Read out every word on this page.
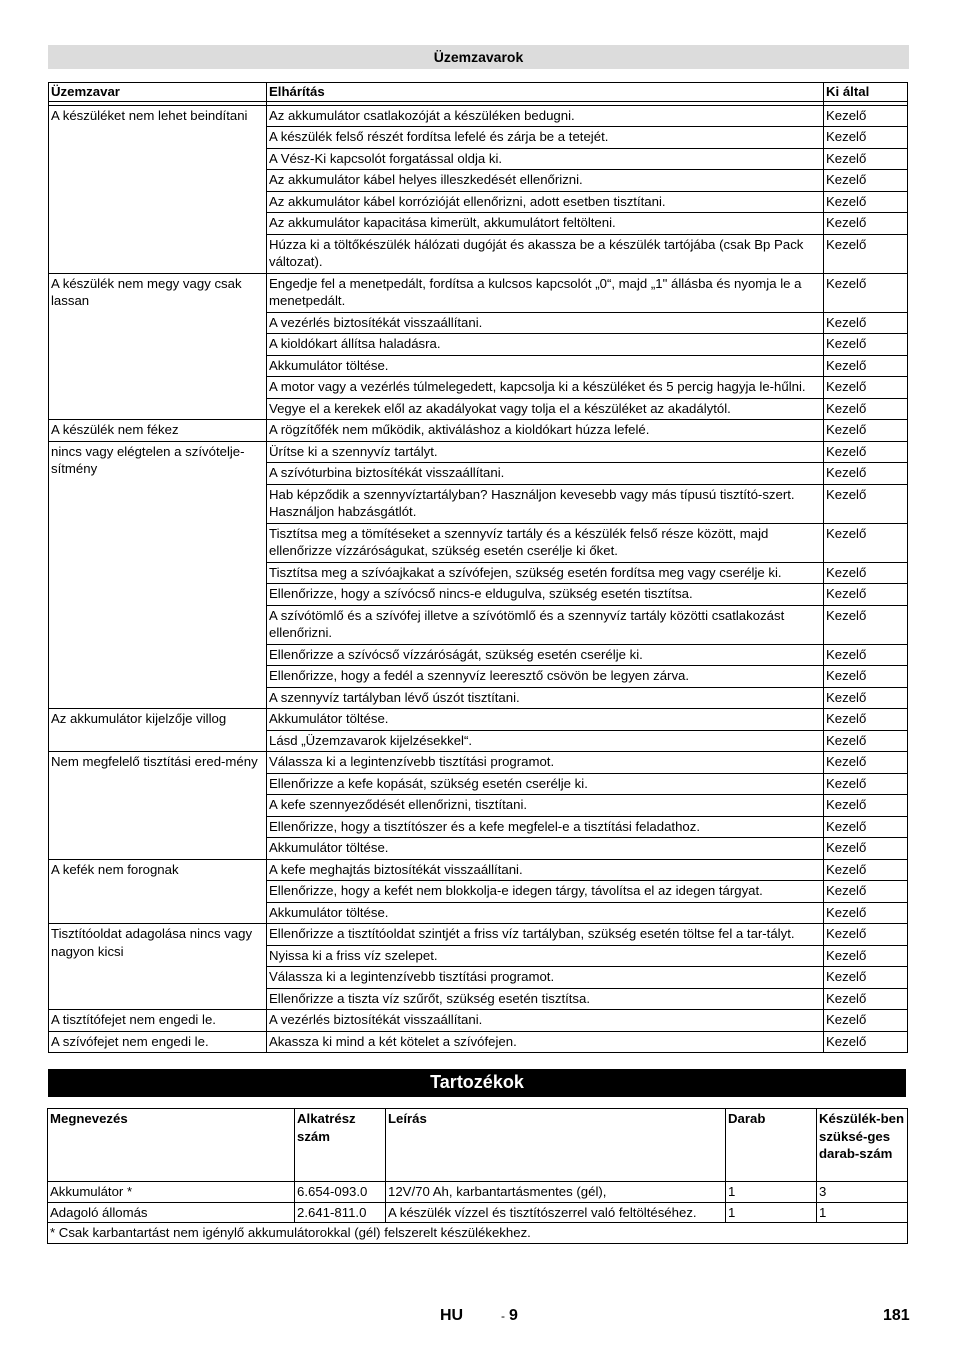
Üzemzavarok
Üzemzavar	Elhárítás	Ki által

A készüléket nem lehet beindítani	Az akkumulátor csatlakozóját a készüléken bedugni.	Kezelő
	A készülék felső részét fordítsa lefelé és zárja be a tetejét.	Kezelő
	A Vész-Ki kapcsolót forgatással oldja ki.	Kezelő
	Az akkumulátor kábel helyes illeszkedését ellenőrizni.	Kezelő
	Az akkumulátor kábel korrózióját ellenőrizni, adott esetben tisztítani.	Kezelő
	Az akkumulátor kapacitása kimerült, akkumulátort feltölteni.	Kezelő
	Húzza ki a töltőkészülék hálózati dugóját és akassza be a készülék tartójába (csak Bp Pack változat).	Kezelő
A készülék nem megy vagy csak lassan	Engedje fel a menetpedált, fordítsa a kulcsos kapcsolót „0“, majd „1" állásba és nyomja le a menetpedált.	Kezelő
	A vezérlés biztosítékát visszaállítani.	Kezelő
	A kioldókart állítsa haladásra.	Kezelő
	Akkumulátor töltése.	Kezelő
	A motor vagy a vezérlés túlmelegedett, kapcsolja ki a készüléket és 5 percig hagyja le-hűlni.	Kezelő
	Vegye el a kerekek elől az akadályokat vagy tolja el a készüléket az akadálytól.	Kezelő
A készülék nem fékez	A rögzítőfék nem működik, aktiváláshoz a kioldókart húzza lefelé.	Kezelő
nincs vagy elégtelen a szívótelje-sítmény	Ürítse ki a szennyvíz tartályt.	Kezelő
	A szívóturbina biztosítékát visszaállítani.	Kezelő
	Hab képződik a szennyvíztartályban? Használjon kevesebb vagy más típusú tisztító-szert. Használjon habzásgátlót.	Kezelő
	Tisztítsa meg a tömítéseket a szennyvíz tartály és a készülék felső része között, majd ellenőrizze vízzáróságukat, szükség esetén cserélje ki őket.	Kezelő
	Tisztítsa meg a szívóajkakat a szívófejen, szükség esetén fordítsa meg vagy cserélje ki.	Kezelő
	Ellenőrizze, hogy a szívócső nincs-e eldugulva, szükség esetén tisztítsa.	Kezelő
	A szívótömlő és a szívófej illetve a szívótömlő és a szennyvíz tartály közötti csatlakozást ellenőrizni.	Kezelő
	Ellenőrizze a szívócső vízzáróságát, szükség esetén cserélje ki.	Kezelő
	Ellenőrizze, hogy a fedél a szennyvíz leeresztő csövön be legyen zárva.	Kezelő
	A szennyvíz tartályban lévő úszót tisztítani.	Kezelő
Az akkumulátor kijelzője villog	Akkumulátor töltése.	Kezelő
	Lásd „Üzemzavarok kijelzésekkel“.	Kezelő
Nem megfelelő tisztítási ered-mény	Válassza ki a legintenzívebb tisztítási programot.	Kezelő
	Ellenőrizze a kefe kopását, szükség esetén cserélje ki.	Kezelő
	A kefe szennyeződését ellenőrizni, tisztítani.	Kezelő
	Ellenőrizze, hogy a tisztítószer és a kefe megfelel-e a tisztítási feladathoz.	Kezelő
	Akkumulátor töltése.	Kezelő
A kefék nem forognak	A kefe meghajtás biztosítékát visszaállítani.	Kezelő
	Ellenőrizze, hogy a kefét nem blokkolja-e idegen tárgy, távolítsa el az idegen tárgyat.	Kezelő
	Akkumulátor töltése.	Kezelő
Tisztítóoldat adagolása nincs vagy nagyon kicsi	Ellenőrizze a tisztítóoldat szintjét a friss víz tartályban, szükség esetén töltse fel a tar-tályt.	Kezelő
	Nyissa ki a friss víz szelepet.	Kezelő
	Válassza ki a legintenzívebb tisztítási programot.	Kezelő
	Ellenőrizze a tiszta víz szűrőt, szükség esetén tisztítsa.	Kezelő
A tisztítófejet nem engedi le.	A vezérlés biztosítékát visszaállítani.	Kezelő
A szívófejet nem engedi le.	Akassza ki mind a két kötelet a szívófejen.	Kezelő
Tartozékok
Megnevezés	Alkatrész szám	Leírás	Darab	Készülék-ben szüksé-ges darab-szám
Akkumulátor *	6.654-093.0	12V/70 Ah, karbantartásmentes (gél),	1	3
Adagoló állomás	2.641-811.0	A készülék vízzel és tisztítószerrel való feltöltéséhez.	1	1
* Csak karbantartást nem igénylő akkumulátorokkal (gél) felszerelt készülékekhez.				
HU	- 9	181
